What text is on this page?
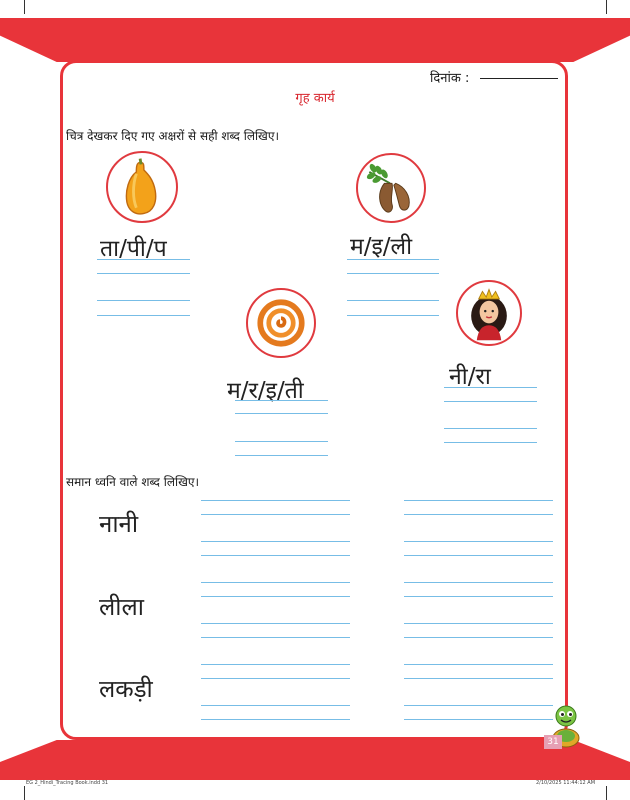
दिनांक :
गृह कार्य
चित्र देखकर दिए गए अक्षरों से सही शब्द लिखिए।
ता/पी/प	म/इ/ली
म/र/इ/ती
नी/रा
समान ध्वनि वाले शब्द लिखिए।
नानी
लीला
लकड़ी
31
EG 2_Hindi_Tracing Book.indd 31	2/10/2025 11:44:12 AM
